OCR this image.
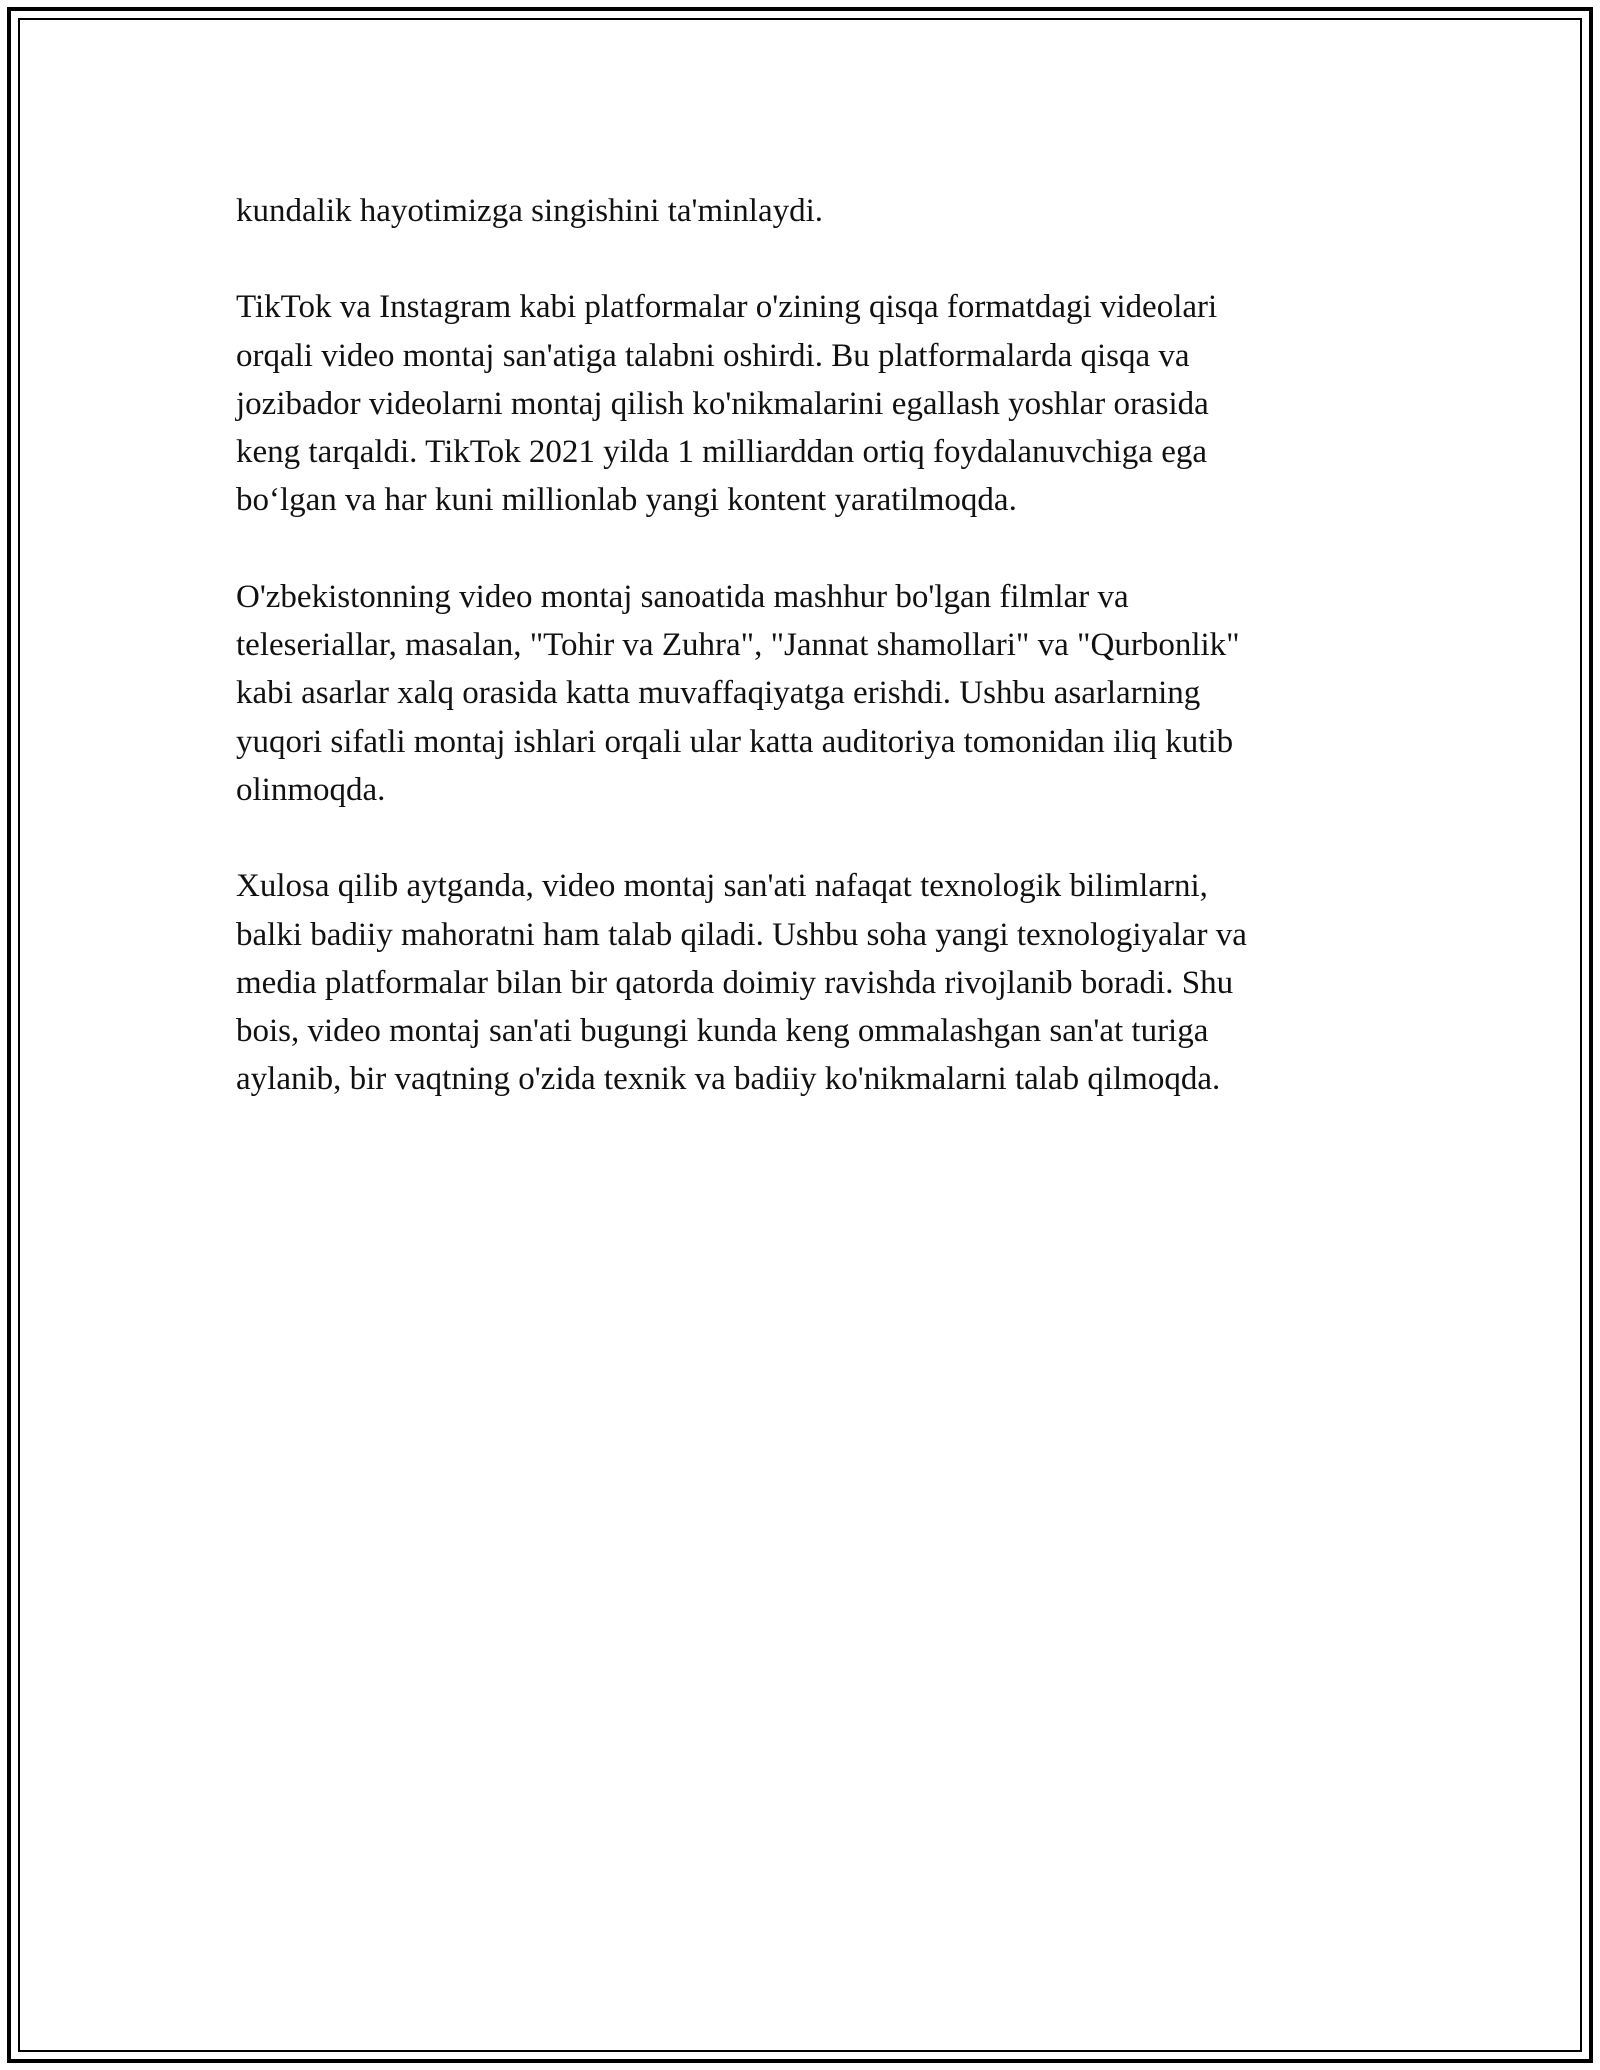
kundalik hayotimizga singishini ta'minlaydi.

TikTok va Instagram kabi platformalar o'zining qisqa formatdagi videolari
orqali video montaj san'atiga talabni oshirdi. Bu platformalarda qisqa va
jozibador videolarni montaj qilish ko'nikmalarini egallash yoshlar orasida
keng tarqaldi. TikTok 2021 yilda 1 milliarddan ortiq foydalanuvchiga ega
bo‘lgan va har kuni millionlab yangi kontent yaratilmoqda.

O'zbekistonning video montaj sanoatida mashhur bo'lgan filmlar va
teleseriallar, masalan, "Tohir va Zuhra", "Jannat shamollari" va "Qurbonlik"
kabi asarlar xalq orasida katta muvaffaqiyatga erishdi. Ushbu asarlarning
yuqori sifatli montaj ishlari orqali ular katta auditoriya tomonidan iliq kutib
olinmoqda.

Xulosa qilib aytganda, video montaj san'ati nafaqat texnologik bilimlarni,
balki badiiy mahoratni ham talab qiladi. Ushbu soha yangi texnologiyalar va
media platformalar bilan bir qatorda doimiy ravishda rivojlanib boradi. Shu
bois, video montaj san'ati bugungi kunda keng ommalashgan san'at turiga
aylanib, bir vaqtning o'zida texnik va badiiy ko'nikmalarni talab qilmoqda.
